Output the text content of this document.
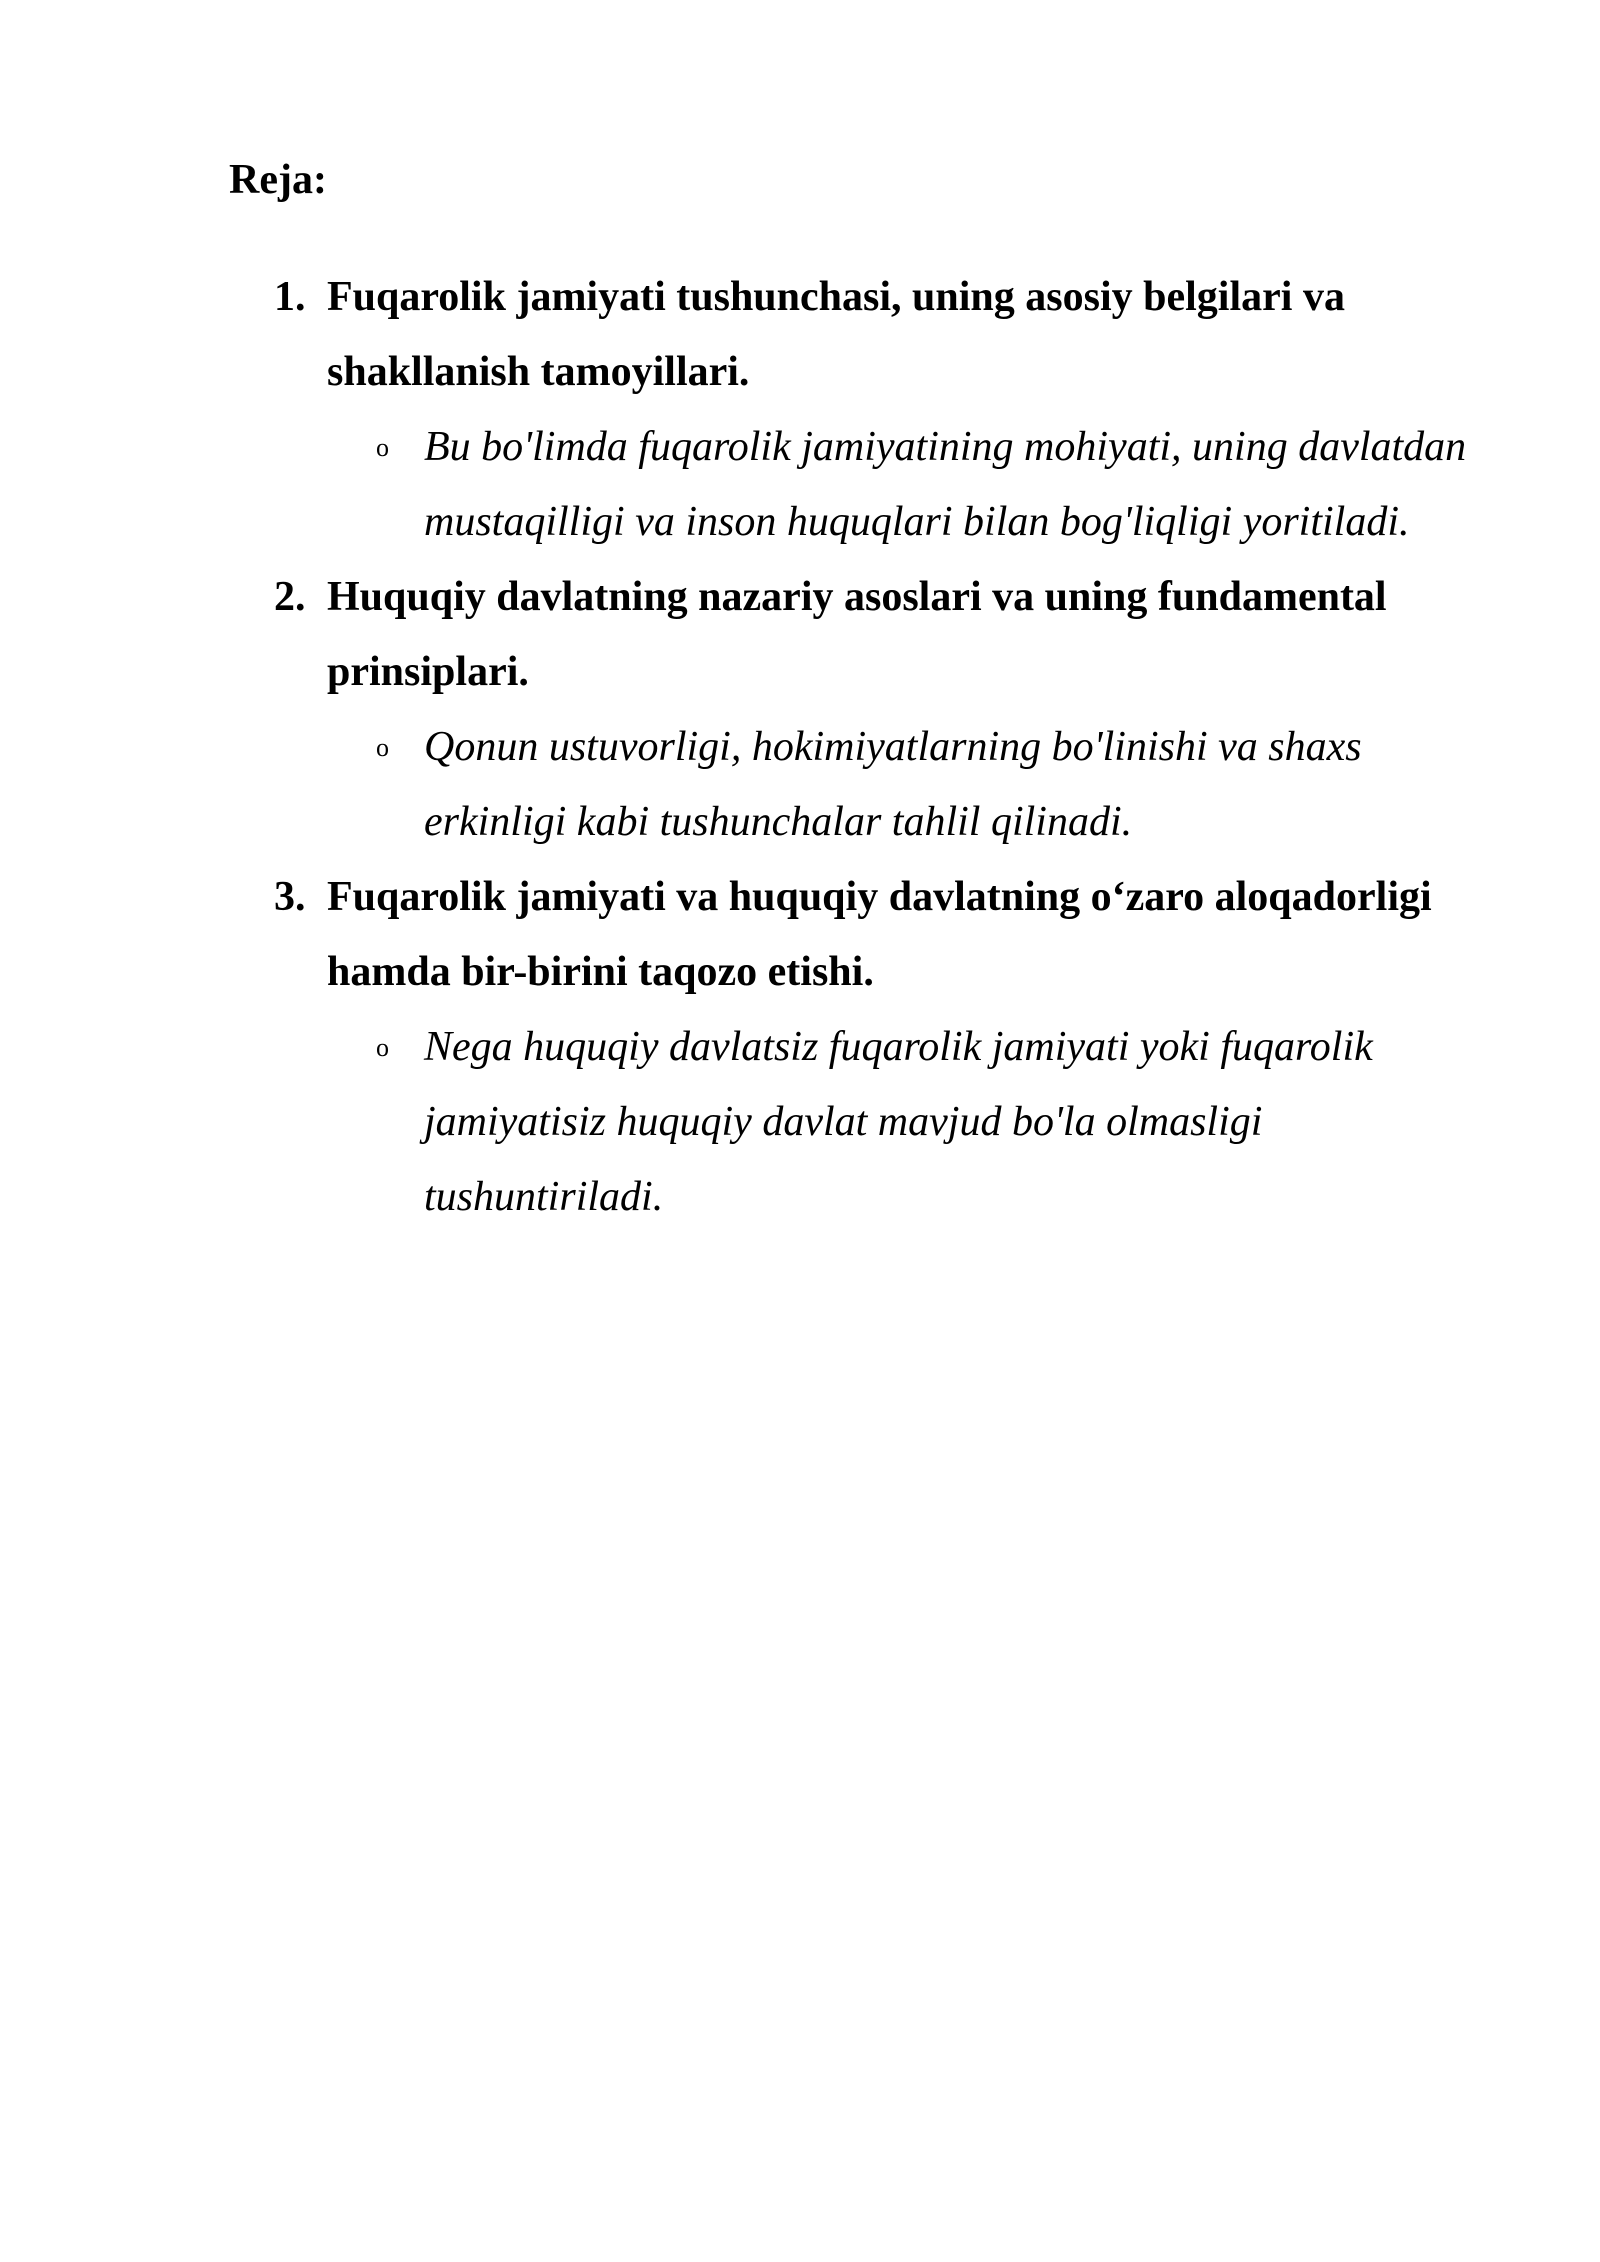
Reja:
1. Fuqarolik jamiyati tushunchasi, uning asosiy belgilari va shakllanish tamoyillari.
o Bu bo'limda fuqarolik jamiyatining mohiyati, uning davlatdan mustaqilligi va inson huquqlari bilan bog'liqligi yoritiladi.
2. Huquqiy davlatning nazariy asoslari va uning fundamental prinsiplari.
o Qonun ustuvorligi, hokimiyatlarning bo'linishi va shaxs erkinligi kabi tushunchalar tahlil qilinadi.
3. Fuqarolik jamiyati va huquqiy davlatning o‘zaro aloqadorligi hamda bir-birini taqozo etishi.
o Nega huquqiy davlatsiz fuqarolik jamiyati yoki fuqarolik jamiyatisiz huquqiy davlat mavjud bo'la olmasligi tushuntiriladi.
